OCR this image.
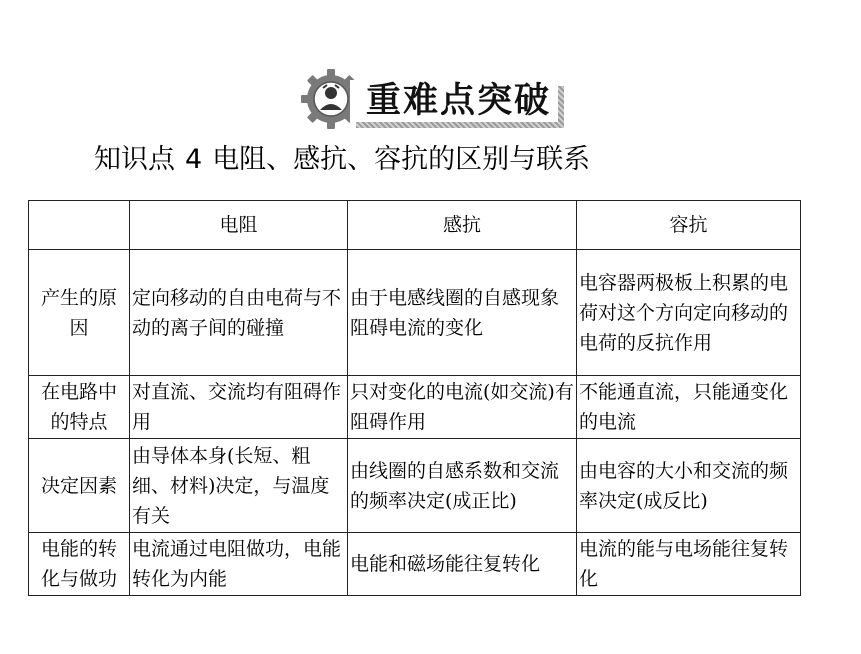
重难点突破
知识点 4 电阻、感抗、容抗的区别与联系
	电阻	感抗	容抗
产生的原因	定向移动的自由电荷与不动的离子间的碰撞	由于电感线圈的自感现象阻碍电流的变化	电容器两极板上积累的电荷对这个方向定向移动的电荷的反抗作用
在电路中的特点	对直流、交流均有阻碍作用	只对变化的电流(如交流)有阻碍作用	不能通直流，只能通变化的电流
决定因素	由导体本身(长短、粗细、材料)决定，与温度有关	由线圈的自感系数和交流的频率决定(成正比)	由电容的大小和交流的频率决定(成反比)
电能的转化与做功	电流通过电阻做功，电能转化为内能	电能和磁场能往复转化	电流的能与电场能往复转化
